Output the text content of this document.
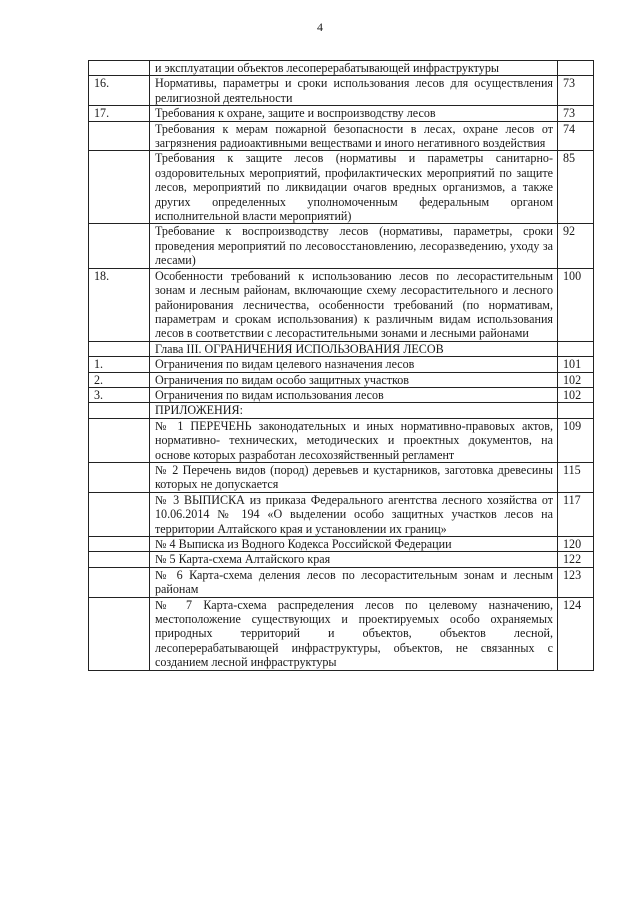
4
	и эксплуатации объектов лесоперерабатывающей инфраструктуры	
16.	Нормативы, параметры и сроки использования лесов для осуществления религиозной деятельности	73
17.	Требования к охране, защите и воспроизводству лесов	73
	Требования к мерам пожарной безопасности в лесах, охране лесов от загрязнения радиоактивными веществами и иного негативного воздействия	74
	Требования к защите лесов (нормативы и параметры санитарно-оздоровительных мероприятий, профилактических мероприятий по защите лесов, мероприятий по ликвидации очагов вредных организмов, а также других определенных уполномоченным федеральным органом исполнительной власти мероприятий)	85
	Требование к воспроизводству лесов (нормативы, параметры, сроки проведения мероприятий по лесовосстановлению, лесоразведению, уходу за лесами)	92
18.	Особенности требований к использованию лесов по лесорастительным зонам и лесным районам, включающие схему лесорастительного и лесного районирования лесничества, особенности требований (по нормативам, параметрам и срокам использования) к различным видам использования лесов в соответствии с лесорастительными зонами и лесными районами	100
	Глава III. ОГРАНИЧЕНИЯ ИСПОЛЬЗОВАНИЯ ЛЕСОВ	
1.	Ограничения по видам целевого назначения лесов	101
2.	Ограничения по видам особо защитных участков	102
3.	Ограничения по видам использования лесов	102
	ПРИЛОЖЕНИЯ:	
	№ 1 ПЕРЕЧЕНЬ законодательных и иных нормативно-правовых актов, нормативно- технических, методических и проектных документов, на основе которых разработан лесохозяйственный регламент	109
	№ 2 Перечень видов (пород) деревьев и кустарников, заготовка древесины которых не допускается	115
	№ 3 ВЫПИСКА из приказа Федерального агентства лесного хозяйства от 10.06.2014 № 194 «О выделении особо защитных участков лесов на территории Алтайского края и установлении их границ»	117
	№ 4 Выписка из Водного Кодекса Российской Федерации	120
	№ 5 Карта-схема Алтайского края	122
	№ 6 Карта-схема деления лесов по лесорастительным зонам и лесным районам	123
	№ 7 Карта-схема распределения лесов по целевому назначению, местоположение существующих и проектируемых особо охраняемых природных территорий и объектов, объектов лесной, лесоперерабатывающей инфраструктуры, объектов, не связанных с созданием лесной инфраструктуры	124
